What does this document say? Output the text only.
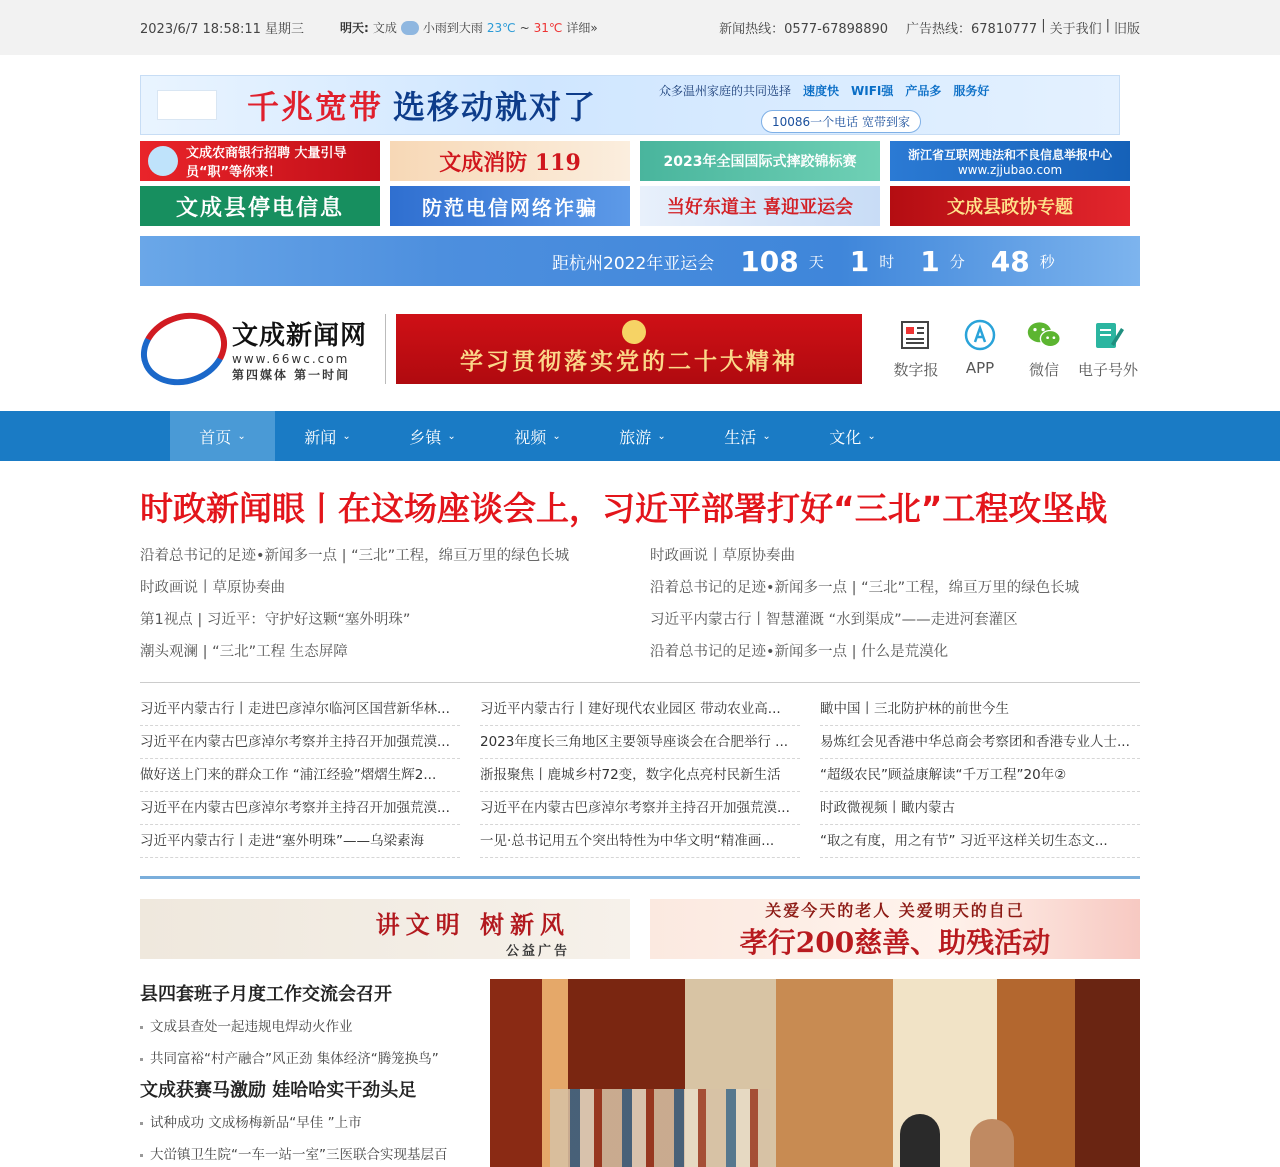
2023/6/7 18:58:11 星期三	明天: 文成 小雨到大雨 23℃ ~ 31℃ 详细»	新闻热线：0577-67898890 广告热线：67810777 | 关于我们 | 旧版
千兆宽带 选移动就对了	众多温州家庭的共同选择 速度快 WIFI强 产品多 服务好
10086一个电话 宽带到家
文成农商银行招聘 大量引导员“职”等你来！	文成消防 119	2023年全国国际式摔跤锦标赛	浙江省互联网违法和不良信息举报中心
www.zjjubao.com
文成县停电信息	防范电信网络诈骗	当好东道主 喜迎亚运会	文成县政协专题
距杭州2022年亚运会 108 天 1 时 1 分 48 秒
文成新闻网
www.66wc.com
第四媒体 第一时间	学习贯彻落实党的二十大精神	数字报	APP	微信	电子号外
首页 ⌄	新闻 ⌄	乡镇 ⌄	视频 ⌄	旅游 ⌄	生活 ⌄	文化 ⌄
时政新闻眼丨在这场座谈会上，习近平部署打好“三北”工程攻坚战
沿着总书记的足迹•新闻多一点 | “三北”工程，绵亘万里的绿色长城	时政画说丨草原协奏曲
时政画说丨草原协奏曲	沿着总书记的足迹•新闻多一点 | “三北”工程，绵亘万里的绿色长城
第1视点 | 习近平：守护好这颗“塞外明珠”	习近平内蒙古行丨智慧灌溉 “水到渠成”——走进河套灌区
潮头观澜 | “三北”工程 生态屏障	沿着总书记的足迹•新闻多一点 | 什么是荒漠化
习近平内蒙古行丨走进巴彦淖尔临河区国营新华林...	习近平内蒙古行丨建好现代农业园区 带动农业高...	瞰中国丨三北防护林的前世今生
习近平在内蒙古巴彦淖尔考察并主持召开加强荒漠...	2023年度长三角地区主要领导座谈会在合肥举行 ...	易炼红会见香港中华总商会考察团和香港专业人士...
做好送上门来的群众工作 “浦江经验”熠熠生辉2...	浙报聚焦丨鹿城乡村72变，数字化点亮村民新生活	“超级农民”顾益康解读“千万工程”20年②
习近平在内蒙古巴彦淖尔考察并主持召开加强荒漠...	习近平在内蒙古巴彦淖尔考察并主持召开加强荒漠...	时政微视频丨瞰内蒙古
习近平内蒙古行丨走进“塞外明珠”——乌梁素海	一见·总书记用五个突出特性为中华文明“精准画...	“取之有度，用之有节” 习近平这样关切生态文...
讲文明 树新风
公益广告
关爱今天的老人 关爱明天的自己
孝行200慈善、助残活动
县四套班子月度工作交流会召开
文成县查处一起违规电焊动火作业
共同富裕“村产融合”风正劲 集体经济“腾笼换鸟”
文成获赛马激励 娃哈哈实干劲头足
试种成功 文成杨梅新品“早佳 ”上市
大峃镇卫生院“一车一站一室”三医联合实现基层百
